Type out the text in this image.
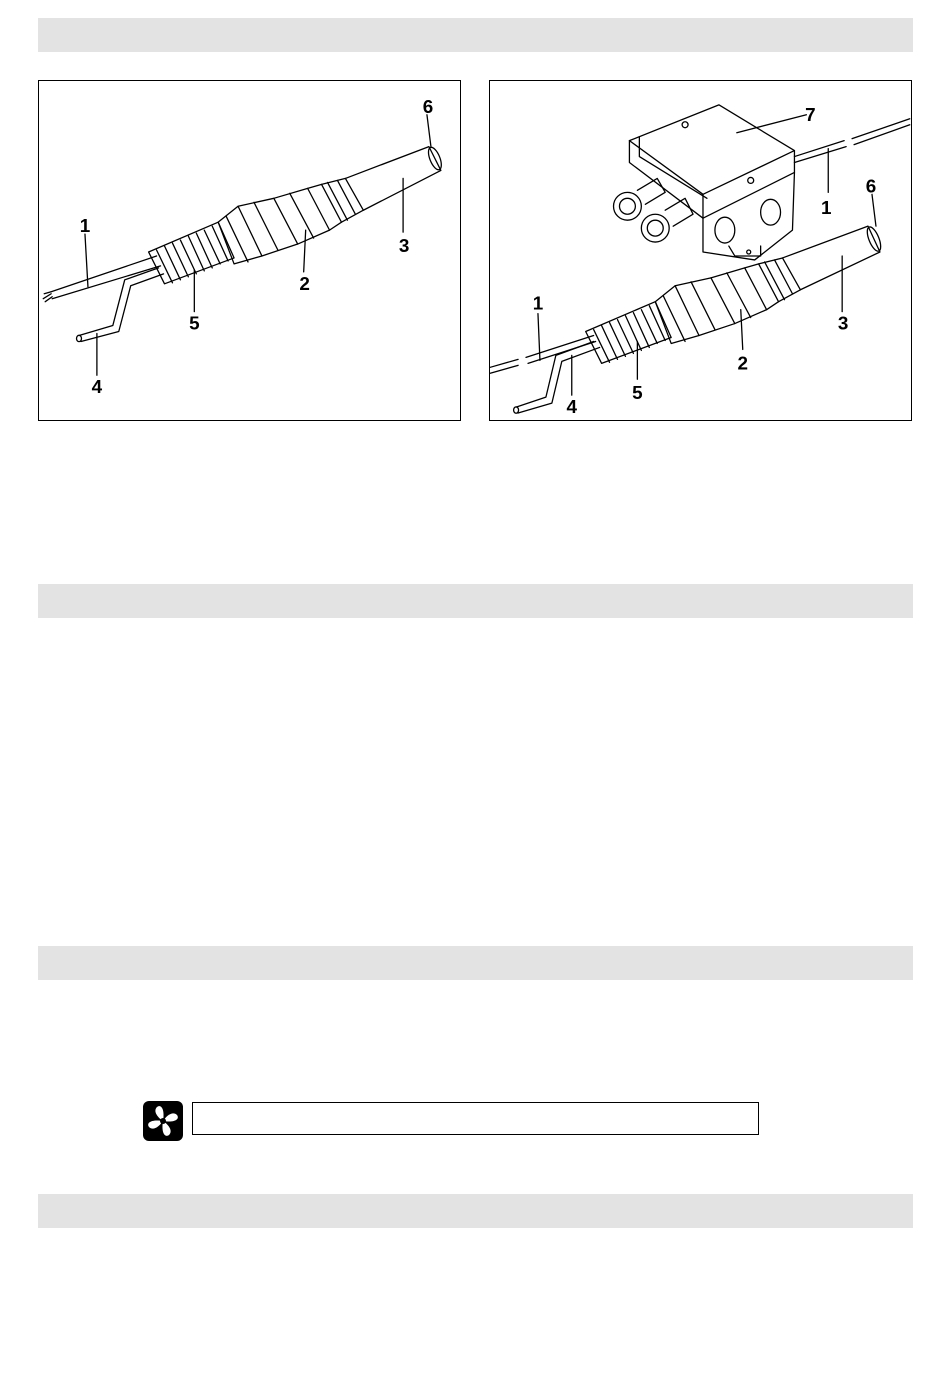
1
2
3
4
5
6	7
1
6
3
2
1
5
4
